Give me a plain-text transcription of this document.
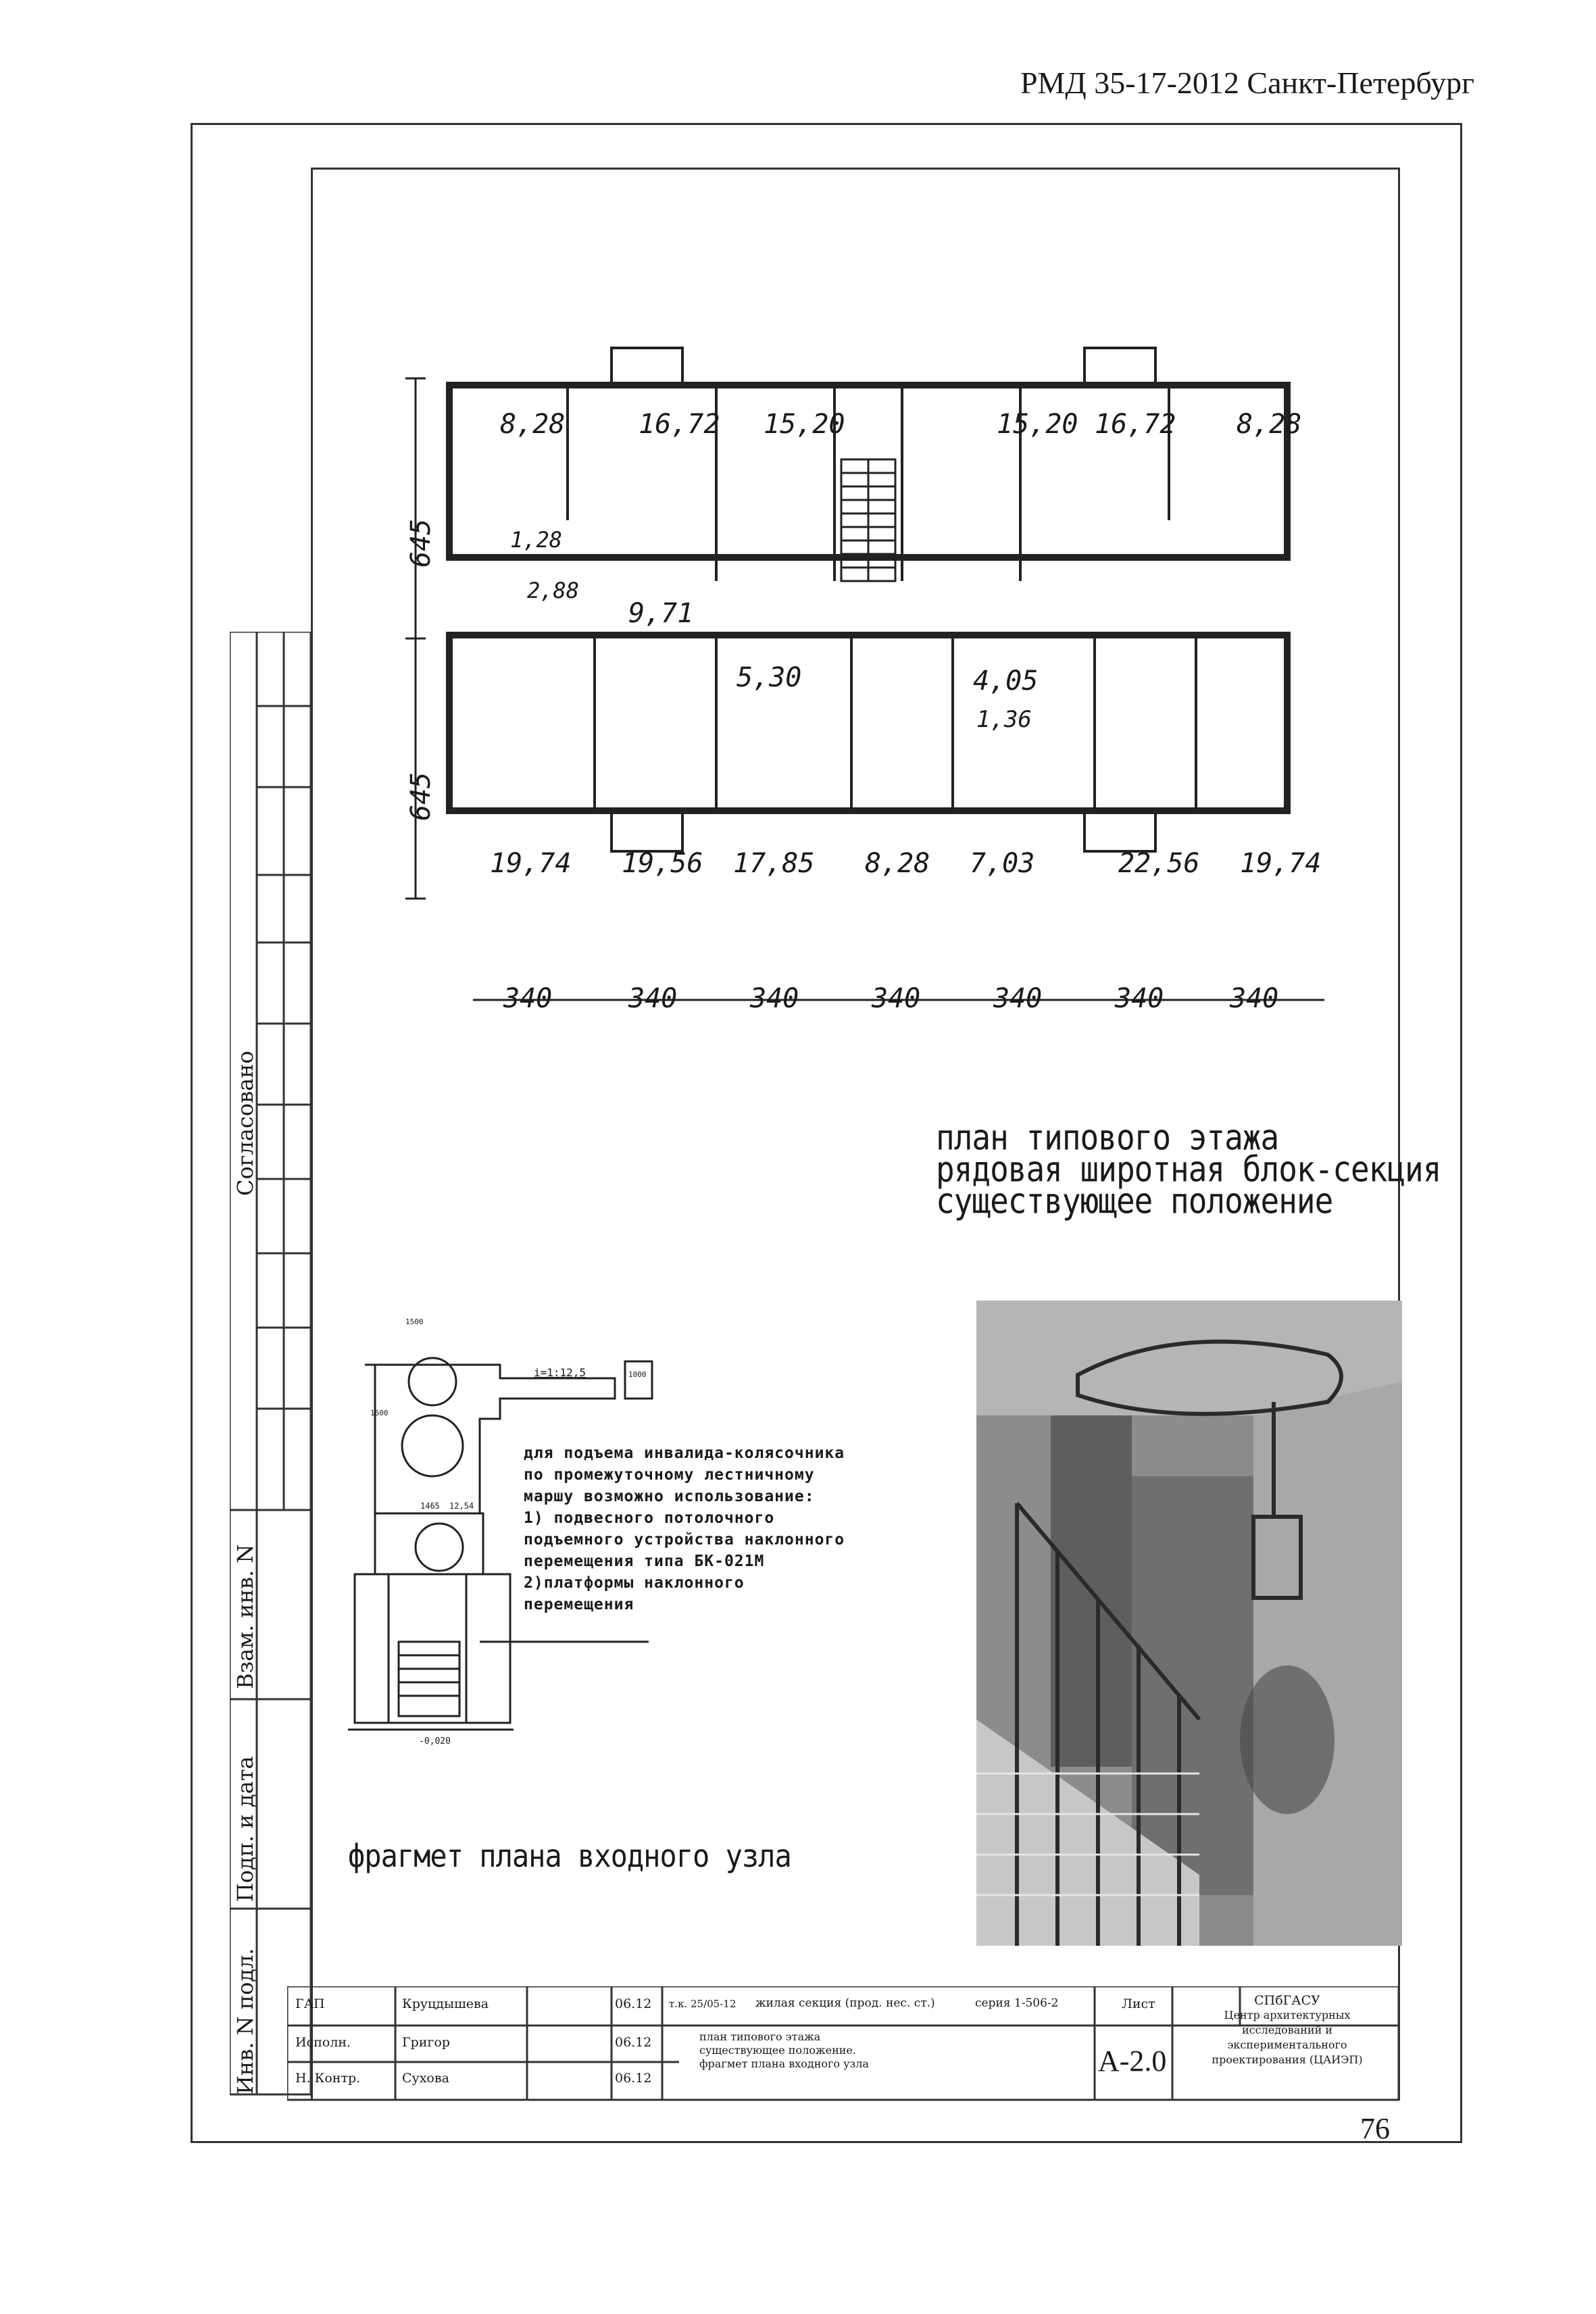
РМД 35-17-2012 Санкт-Петербург
76
Согласовано
Взам. инв. N
Подп. и дата
Инв. N подл.
8,28	16,72 15,20	15,20 16,72 8,28
1,28
2,88
9,71
5,30	4,05
1,36
19,74 19,56 17,85 8,28 7,03	22,56 19,74
645
645
340	340	340	340	340	340 340
план типового этажа
рядовая широтная блок-секция
существующее положение
1500
i=1:12,5	1000
1600
1465 12,54
-0,020
для подъема инвалида-колясочника
по промежуточному лестничному
маршу возможно использование:
1) подвесного потолочного
подъемного устройства наклонного
перемещения типа БК-021М
2)платформы наклонного
перемещения
фрагмет плана входного узла
ГАП	Круцдышева	06.12
Исполн.	Григор	06.12
Н. Контр.	Сухова	06.12
т.к. 25/05-12 жилая секция (прод. нес. ст.)	серия 1-506-2	Лист
А-2.0
план типового этажа
существующее положение.
фрагмет плана входного узла
СПбГАСУ
Центр архитектурных
исследований и
экспериментального
проектирования (ЦАИЭП)
